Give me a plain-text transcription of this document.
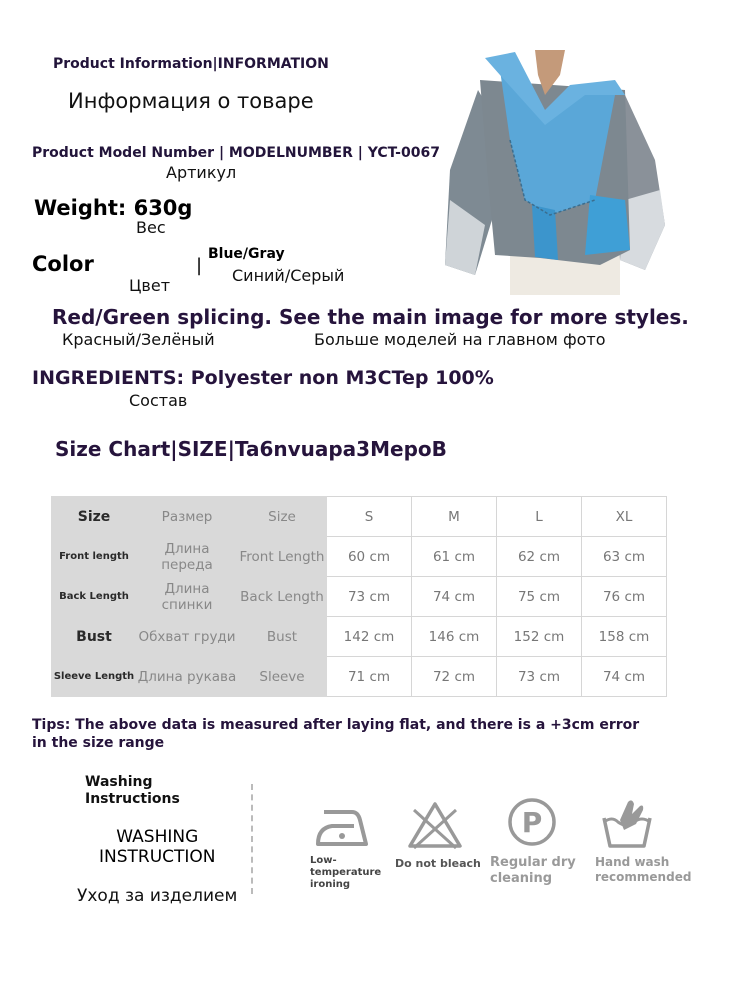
Product Information|INFORMATION
Информация о товаре
Product Model Number | MODELNUMBER | YCT-0067
Артикул
Weight: 630g
Вес
Color	|
Blue/Gray
Цвет
Синий/Серый
Red/Green splicing. See the main image for more styles.
Красный/Зелёный	Больше моделей на главном фото
INGREDIENTS: Polyester non M3CTep 100%
Состав
Size Chart|SIZE|Ta6nvuapa3MepoB
Size	Размер	Size	S	M	L	XL
Front length	Длина переда	Front Length	60 cm	61 cm	62 cm	63 cm
Back Length	Длина спинки	Back Length	73 cm	74 cm	75 cm	76 cm
Bust	Обхват груди	Bust	142 cm	146 cm	152 cm	158 cm
Sleeve Length	Длина рукава	Sleeve	71 cm	72 cm	73 cm	74 cm
Tips: The above data is measured after laying flat, and there is a +3cm error in the size range
Washing
Instructions
WASHING
INSTRUCTION
Уход за изделием
P
Low-
temperature
ironing
Do not bleach Regular dry
cleaning
Hand wash
recommended
